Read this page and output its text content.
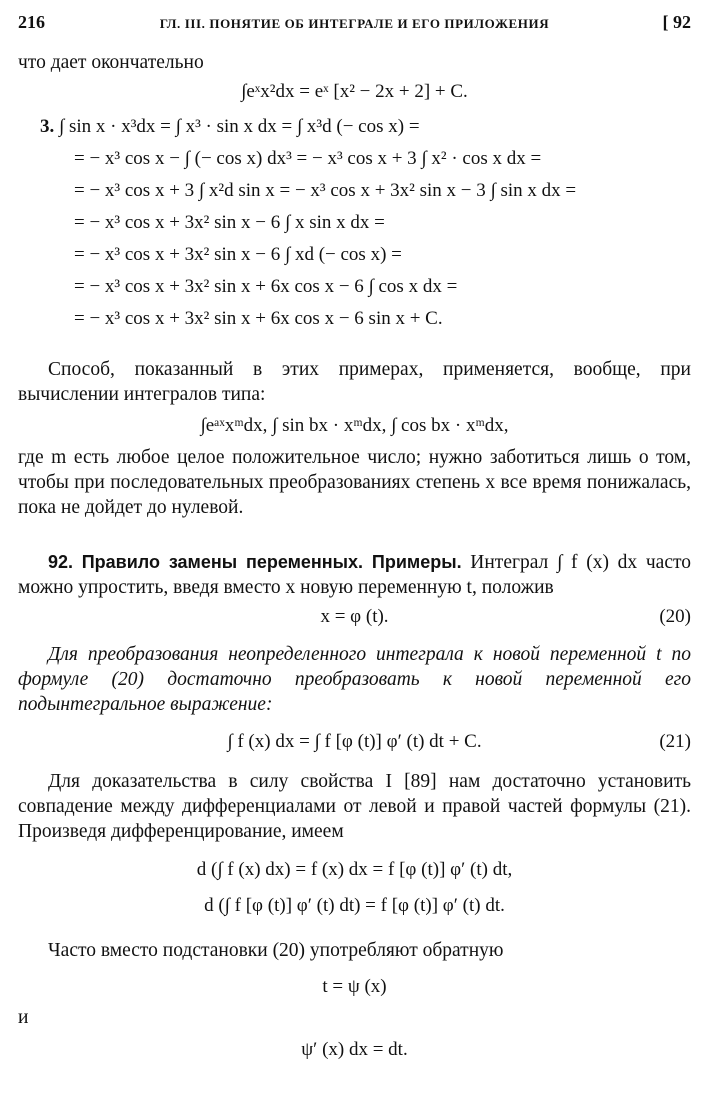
216	ГЛ. III. ПОНЯТИЕ ОБ ИНТЕГРАЛЕ И ЕГО ПРИЛОЖЕНИЯ	[ 92

что дает окончательно

∫eˣx²dx = eˣ [x² − 2x + 2] + C.
3. ∫ sin x · x³dx = ∫ x³ · sin x dx = ∫ x³d (− cos x) =
= − x³ cos x − ∫ (− cos x) dx³ = − x³ cos x + 3 ∫ x² · cos x dx =
= − x³ cos x + 3 ∫ x²d sin x = − x³ cos x + 3x² sin x − 3 ∫ sin x dx =
= − x³ cos x + 3x² sin x − 6 ∫ x sin x dx =
= − x³ cos x + 3x² sin x − 6 ∫ xd (− cos x) =
= − x³ cos x + 3x² sin x + 6x cos x − 6 ∫ cos x dx =
= − x³ cos x + 3x² sin x + 6x cos x − 6 sin x + C.

Способ, показанный в этих примерах, применяется, вообще, при вычислении интегралов типа:

∫eᵃˣxᵐdx, ∫ sin bx · xᵐdx, ∫ cos bx · xᵐdx,

где m есть любое целое положительное число; нужно заботиться лишь о том, чтобы при последовательных преобразованиях степень x все время понижалась, пока не дойдет до нулевой.

92. Правило замены переменных. Примеры. Интеграл ∫ f (x) dx часто можно упростить, введя вместо x новую переменную t, положив

x = φ (t).	(20)

Для преобразования неопределенного интеграла к новой переменной t по формуле (20) достаточно преобразовать к новой переменной его подынтегральное выражение:

∫ f (x) dx = ∫ f [φ (t)] φ′ (t) dt + C.	(21)

Для доказательства в силу свойства I [89] нам достаточно установить совпадение между дифференциалами от левой и правой частей формулы (21). Произведя дифференцирование, имеем

d (∫ f (x) dx) = f (x) dx = f [φ (t)] φ′ (t) dt,
d (∫ f [φ (t)] φ′ (t) dt) = f [φ (t)] φ′ (t) dt.

Часто вместо подстановки (20) употребляют обратную

t = ψ (x)

и

ψ′ (x) dx = dt.
